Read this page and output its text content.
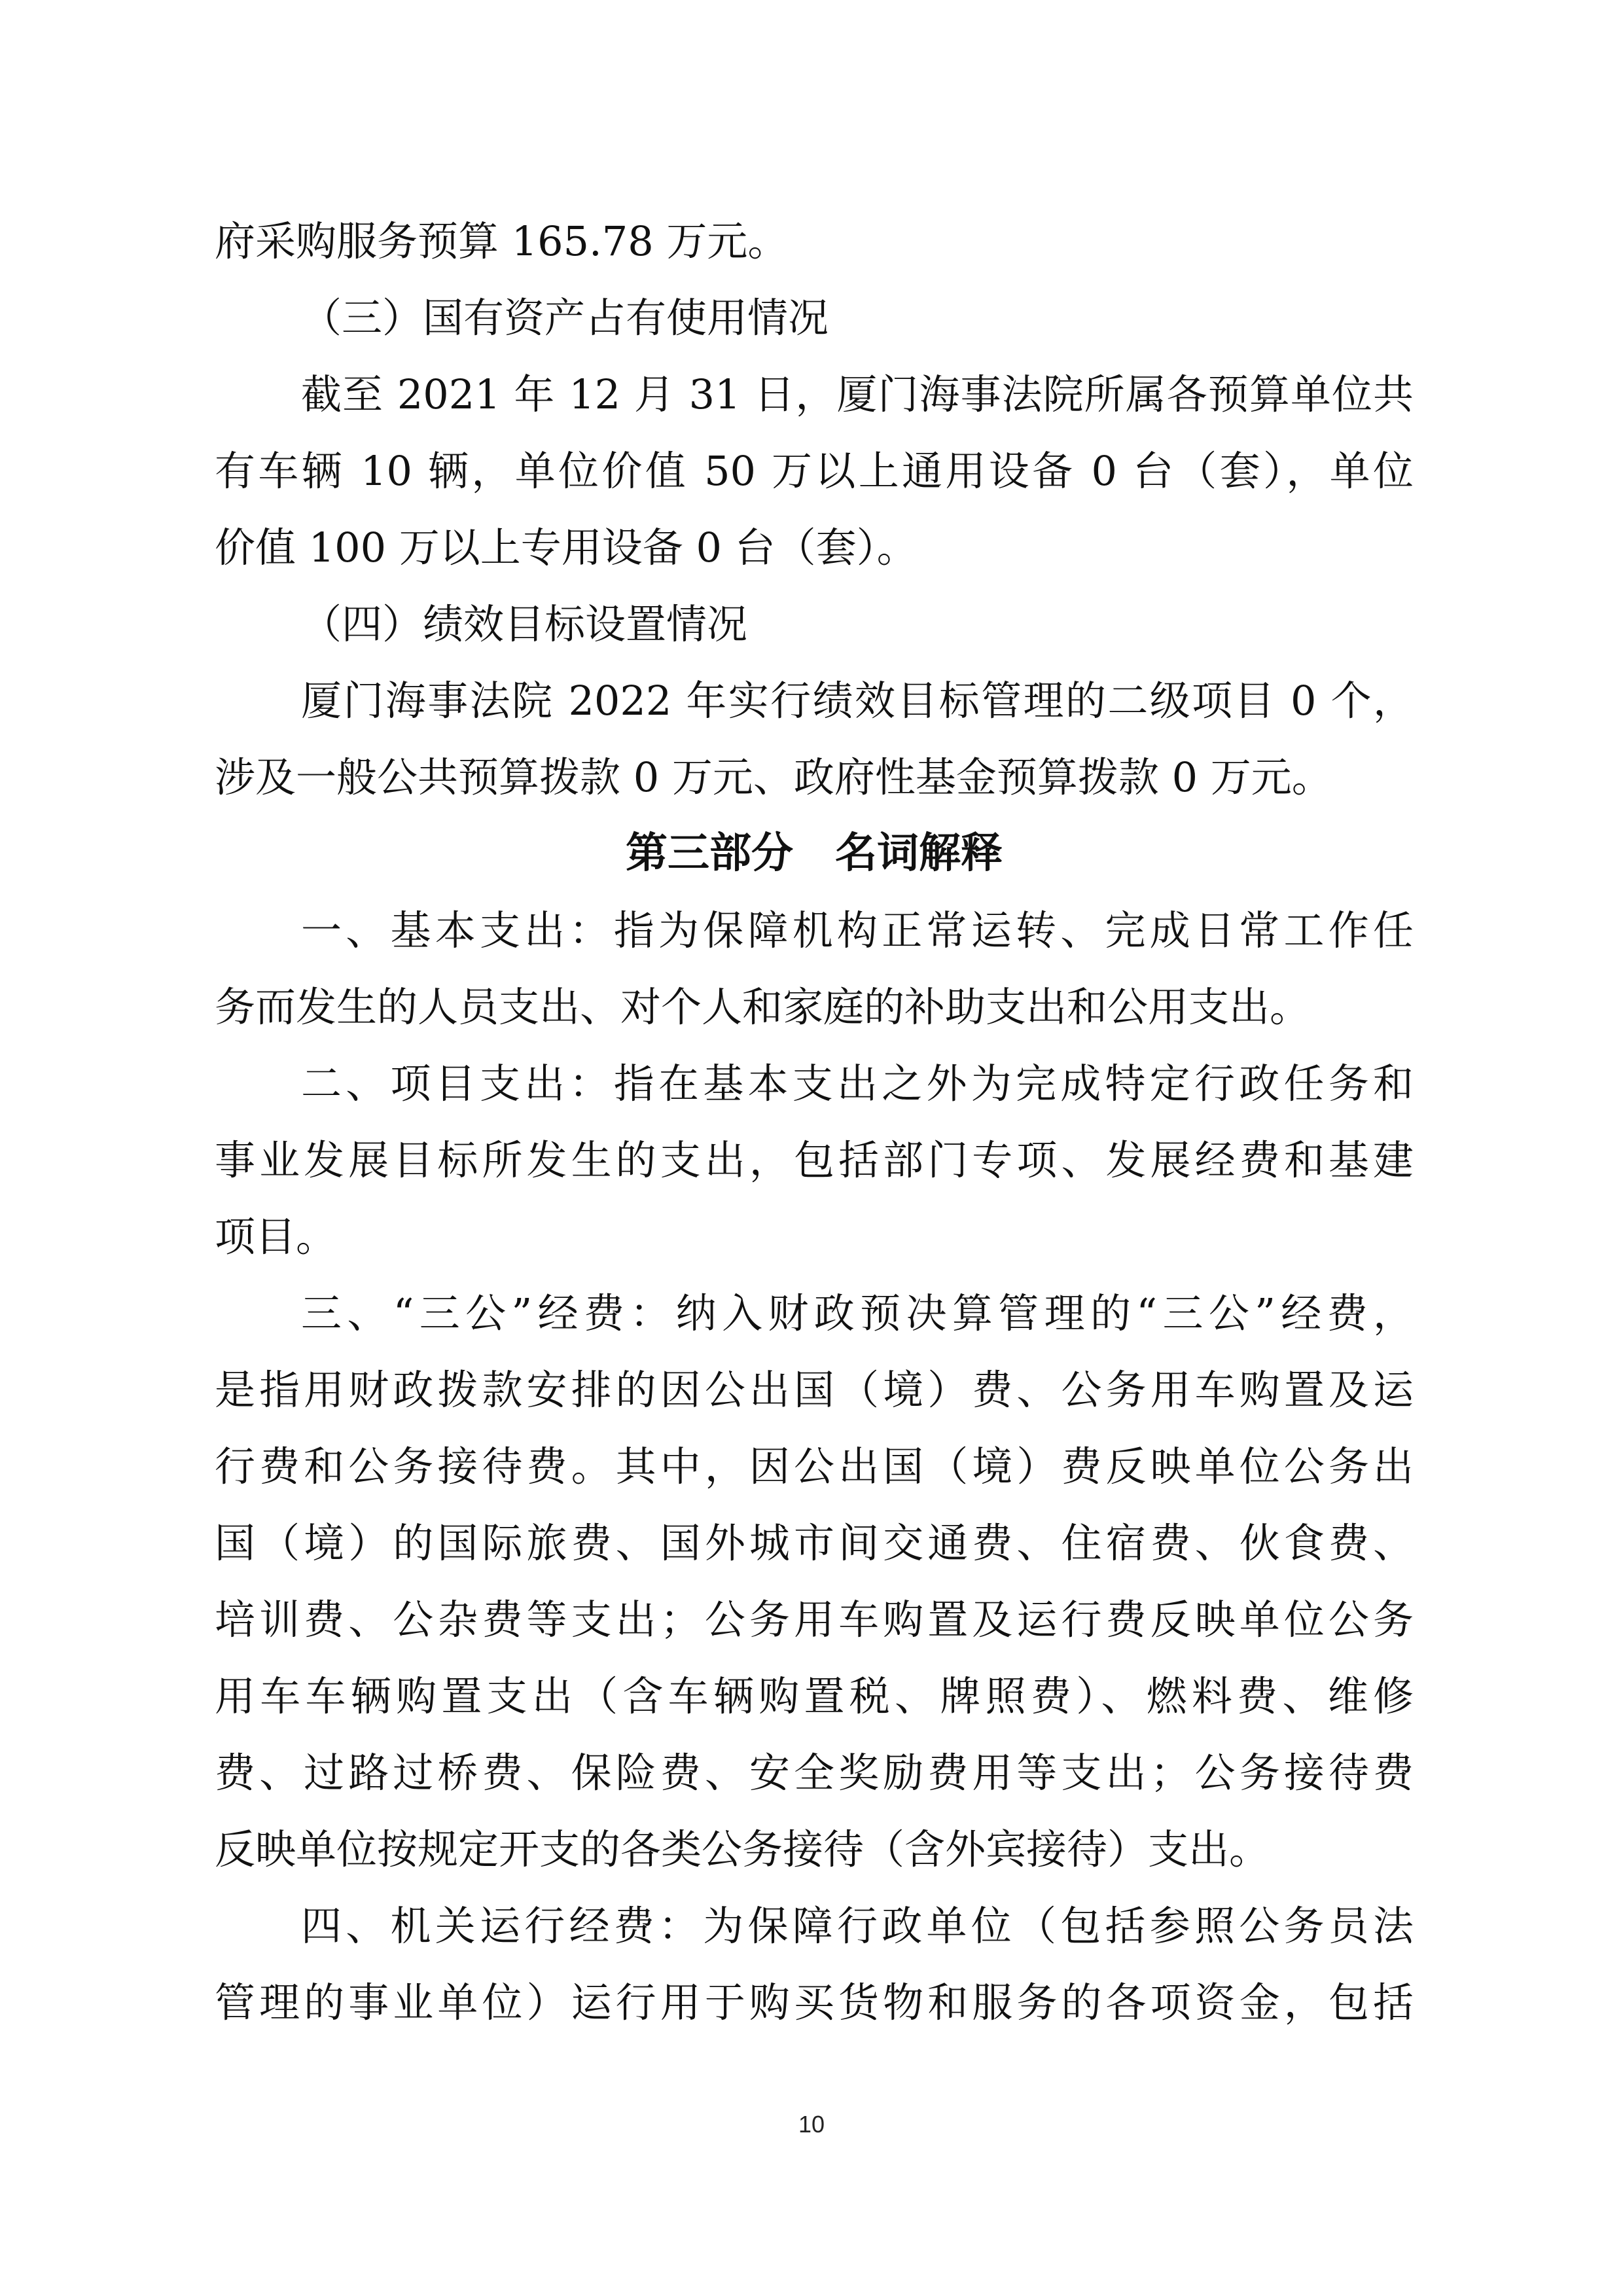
府采购服务预算 165.78 万元。
（三）国有资产占有使用情况
截至 2021 年 12 月 31 日，厦门海事法院所属各预算单位共
有车辆 10 辆，单位价值 50 万以上通用设备 0 台（套），单位
价值 100 万以上专用设备 0 台（套）。
（四）绩效目标设置情况
厦门海事法院 2022 年实行绩效目标管理的二级项目 0 个，
涉及一般公共预算拨款 0 万元、政府性基金预算拨款 0 万元。
第三部分　名词解释
一、基本支出：指为保障机构正常运转、完成日常工作任
务而发生的人员支出、对个人和家庭的补助支出和公用支出。
二、项目支出：指在基本支出之外为完成特定行政任务和
事业发展目标所发生的支出，包括部门专项、发展经费和基建
项目。
三、“三公”经费：纳入财政预决算管理的“三公”经费，
是指用财政拨款安排的因公出国（境）费、公务用车购置及运
行费和公务接待费。其中，因公出国（境）费反映单位公务出
国（境）的国际旅费、国外城市间交通费、住宿费、伙食费、
培训费、公杂费等支出；公务用车购置及运行费反映单位公务
用车车辆购置支出（含车辆购置税、牌照费）、燃料费、维修
费、过路过桥费、保险费、安全奖励费用等支出；公务接待费
反映单位按规定开支的各类公务接待（含外宾接待）支出。
四、机关运行经费：为保障行政单位（包括参照公务员法
管理的事业单位）运行用于购买货物和服务的各项资金，包括
10
